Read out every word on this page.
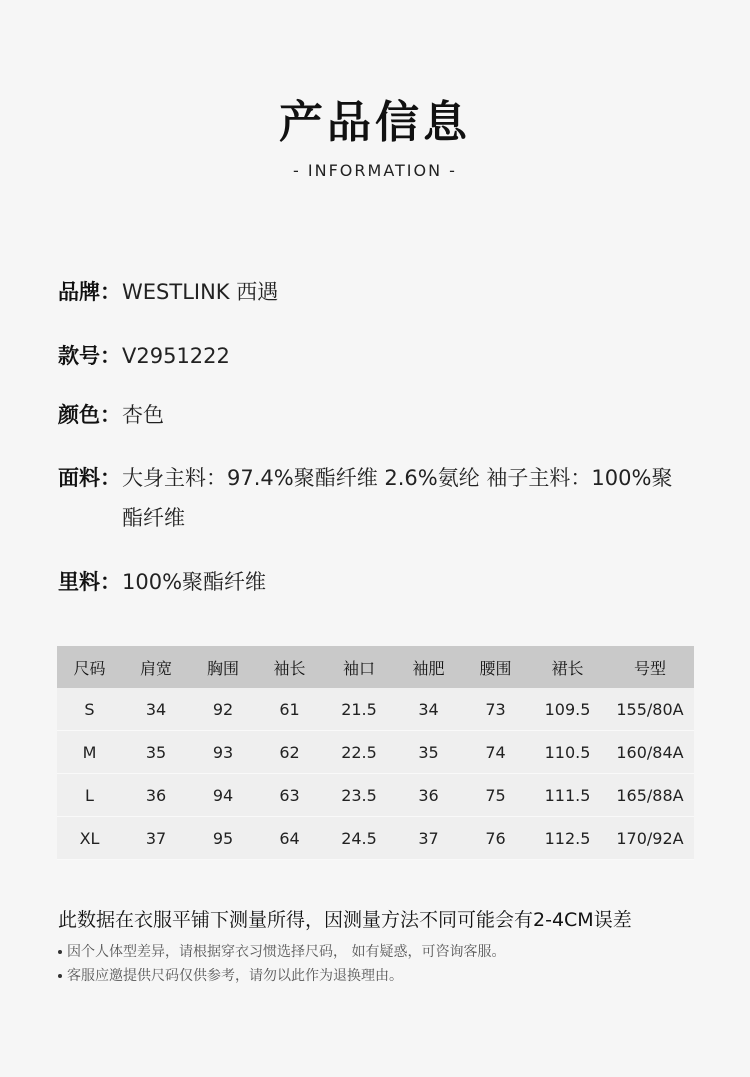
产品信息
- INFORMATION -
品牌： WESTLINK 西遇
款号： V2951222
颜色： 杏色
面料： 大身主料：97.4%聚酯纤维 2.6%氨纶 袖子主料：100%聚酯纤维
里料： 100%聚酯纤维
尺码	肩宽	胸围	袖长	袖口	袖肥	腰围	裙长	号型
S	34	92	61	21.5	34	73	109.5	155/80A
M	35	93	62	22.5	35	74	110.5	160/84A
L	36	94	63	23.5	36	75	111.5	165/88A
XL	37	95	64	24.5	37	76	112.5	170/92A
此数据在衣服平铺下测量所得，因测量方法不同可能会有2-4CM误差
因个人体型差异，请根据穿衣习惯选择尺码， 如有疑惑，可咨询客服。
客服应邀提供尺码仅供参考，请勿以此作为退换理由。
